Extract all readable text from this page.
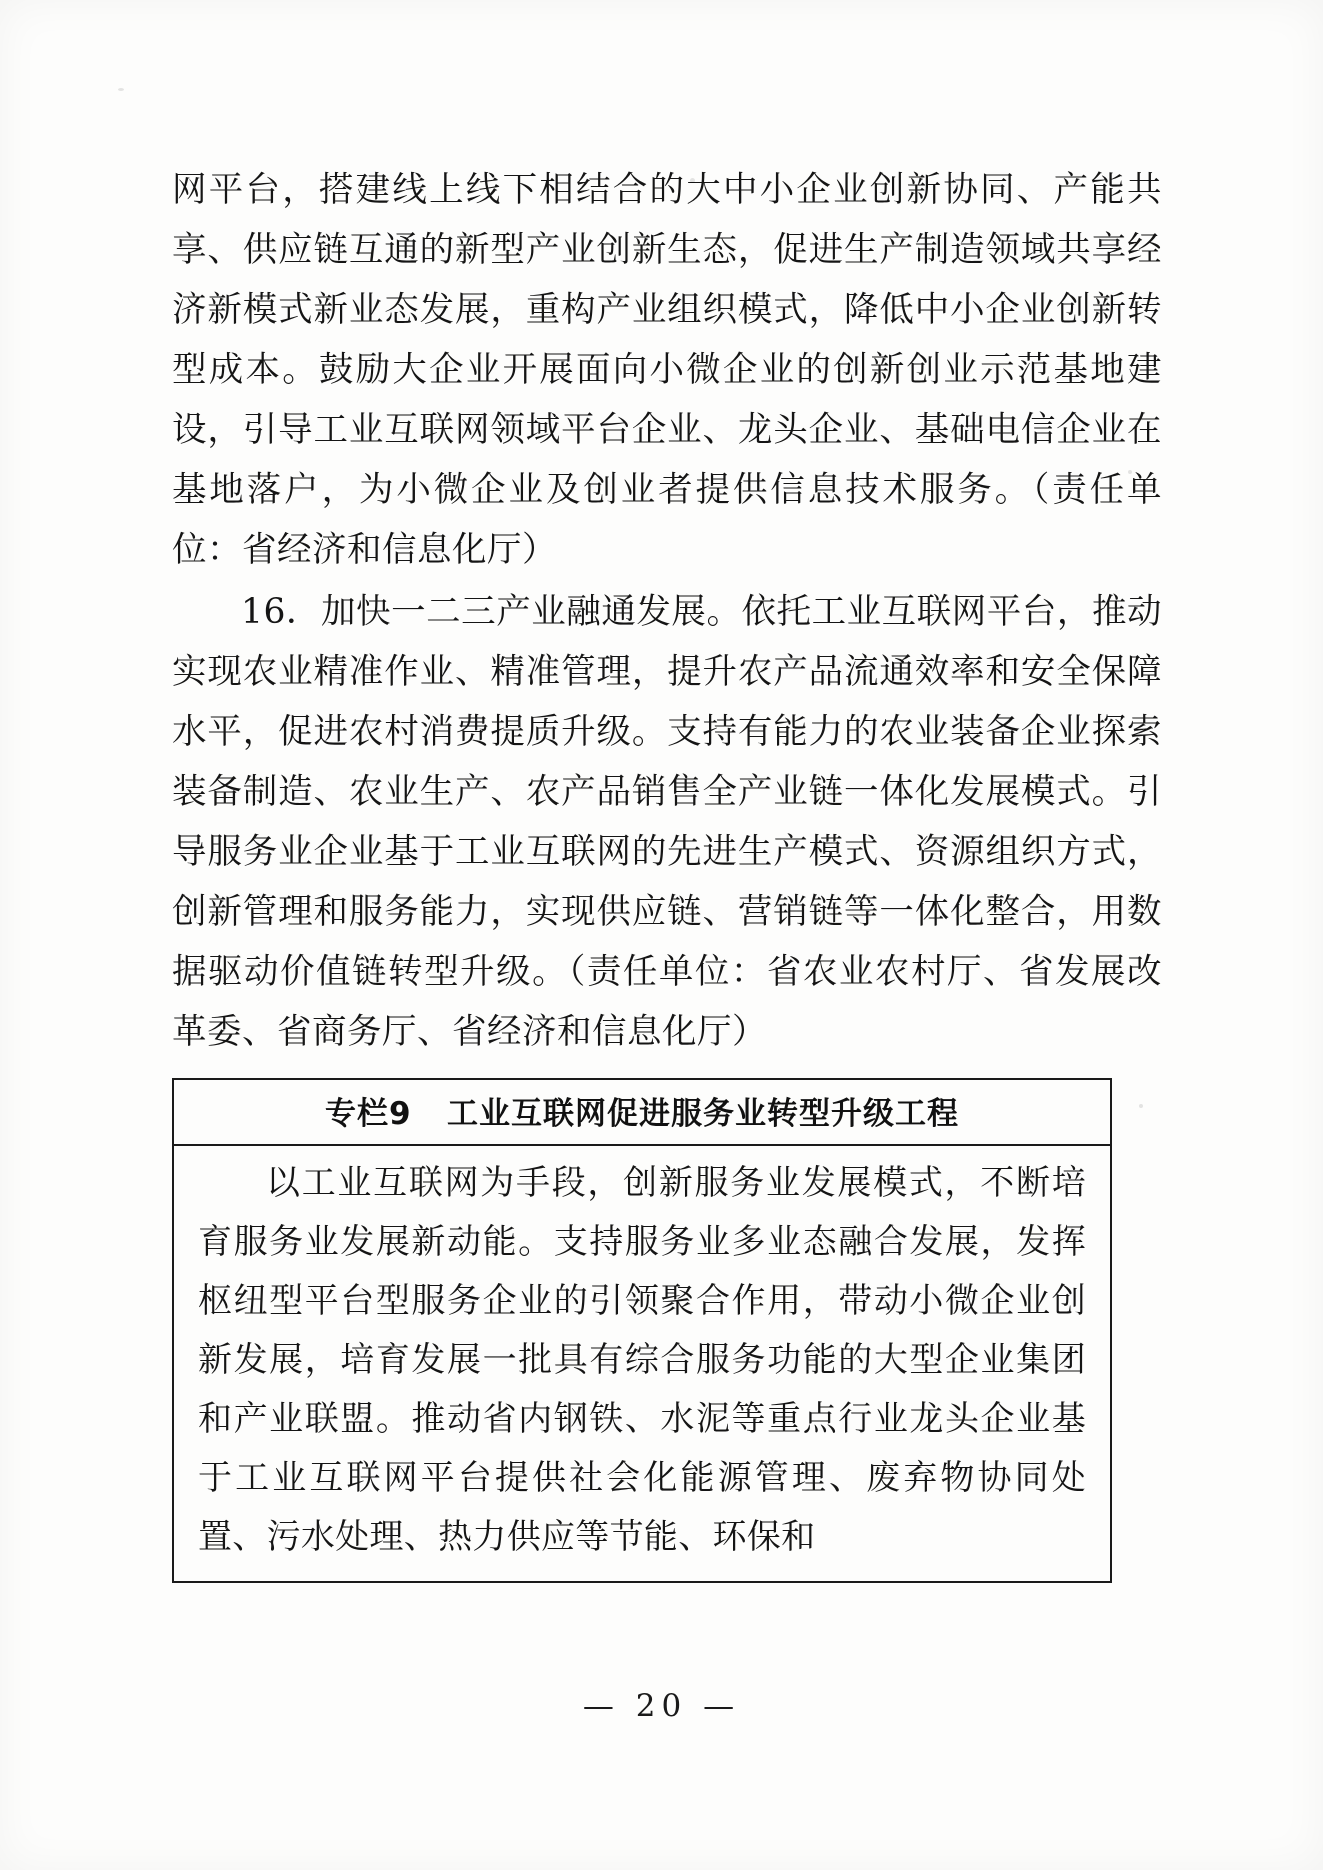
网平台，搭建线上线下相结合的大中小企业创新协同、产能共享、供应链互通的新型产业创新生态，促进生产制造领域共享经济新模式新业态发展，重构产业组织模式，降低中小企业创新转型成本。鼓励大企业开展面向小微企业的创新创业示范基地建设，引导工业互联网领域平台企业、龙头企业、基础电信企业在基地落户，为小微企业及创业者提供信息技术服务。（责任单位：省经济和信息化厅）

16．加快一二三产业融通发展。依托工业互联网平台，推动实现农业精准作业、精准管理，提升农产品流通效率和安全保障水平，促进农村消费提质升级。支持有能力的农业装备企业探索装备制造、农业生产、农产品销售全产业链一体化发展模式。引导服务业企业基于工业互联网的先进生产模式、资源组织方式，创新管理和服务能力，实现供应链、营销链等一体化整合，用数据驱动价值链转型升级。（责任单位：省农业农村厅、省发展改革委、省商务厅、省经济和信息化厅）

专栏9   工业互联网促进服务业转型升级工程

以工业互联网为手段，创新服务业发展模式，不断培育服务业发展新动能。支持服务业多业态融合发展，发挥枢纽型平台型服务企业的引领聚合作用，带动小微企业创新发展，培育发展一批具有综合服务功能的大型企业集团和产业联盟。推动省内钢铁、水泥等重点行业龙头企业基于工业互联网平台提供社会化能源管理、废弃物协同处置、污水处理、热力供应等节能、环保和

— 20 —
